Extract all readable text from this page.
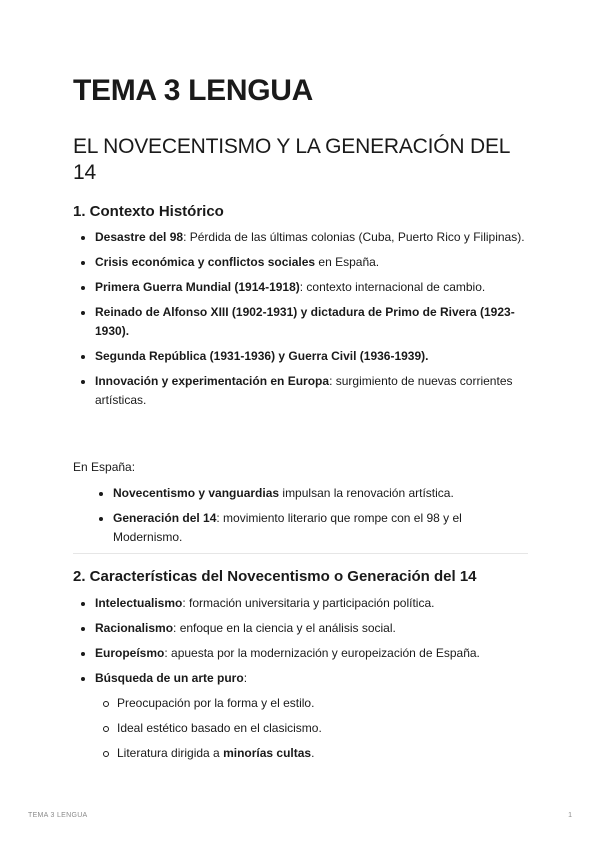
TEMA 3 LENGUA
EL NOVECENTISMO Y LA GENERACIÓN DEL 14
1. Contexto Histórico
Desastre del 98: Pérdida de las últimas colonias (Cuba, Puerto Rico y Filipinas).
Crisis económica y conflictos sociales en España.
Primera Guerra Mundial (1914-1918): contexto internacional de cambio.
Reinado de Alfonso XIII (1902-1931) y dictadura de Primo de Rivera (1923-1930).
Segunda República (1931-1936) y Guerra Civil (1936-1939).
Innovación y experimentación en Europa: surgimiento de nuevas corrientes artísticas.
En España:
Novecentismo y vanguardias impulsan la renovación artística.
Generación del 14: movimiento literario que rompe con el 98 y el Modernismo.
2. Características del Novecentismo o Generación del 14
Intelectualismo: formación universitaria y participación política.
Racionalismo: enfoque en la ciencia y el análisis social.
Europeísmo: apuesta por la modernización y europeización de España.
Búsqueda de un arte puro:
Preocupación por la forma y el estilo.
Ideal estético basado en el clasicismo.
Literatura dirigida a minorías cultas.
TEMA 3 LENGUA	1
